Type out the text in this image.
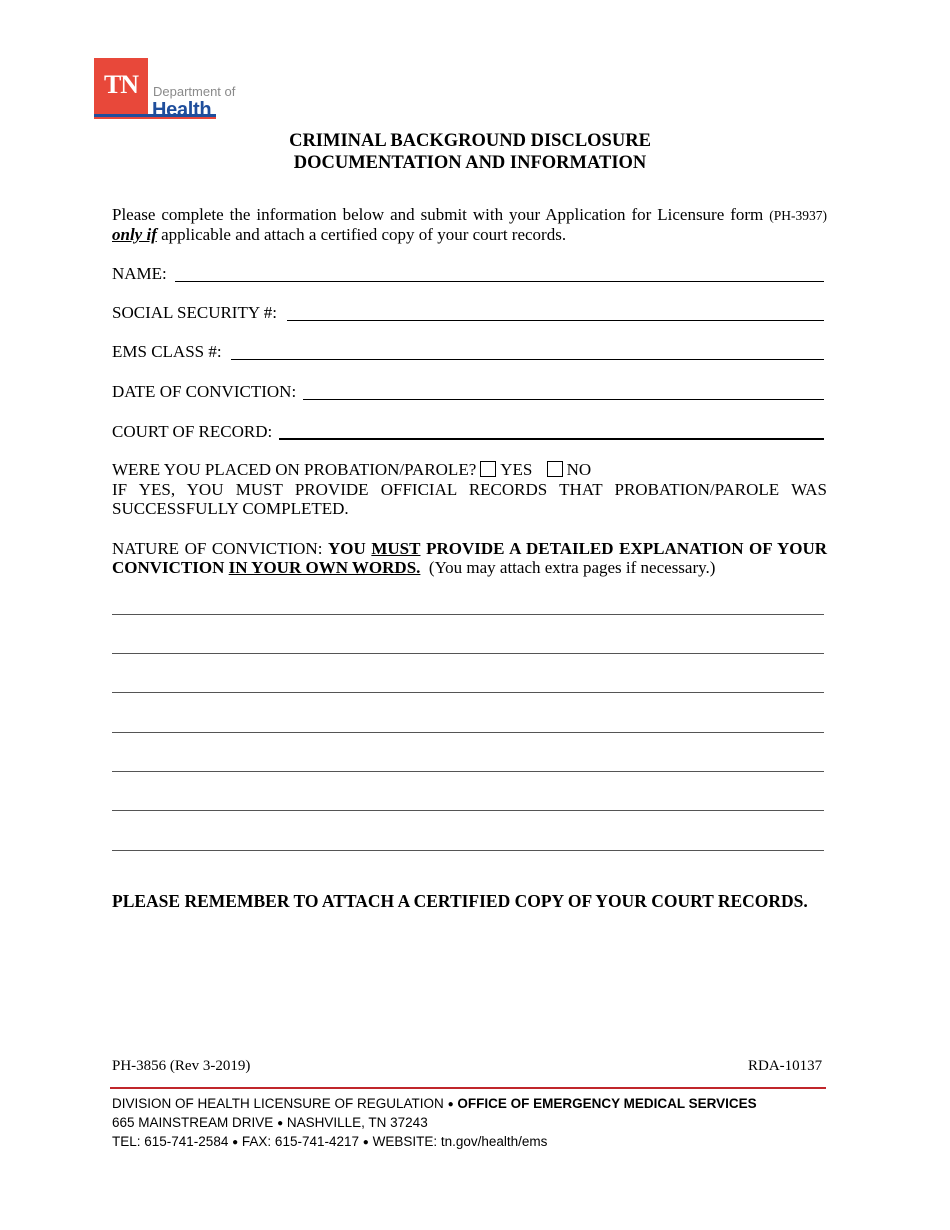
TN	Department of
Health
CRIMINAL BACKGROUND DISCLOSURE
DOCUMENTATION AND INFORMATION
Please complete the information below and submit with your Application for Licensure form (PH-3937)
only if applicable and attach a certified copy of your court records.
NAME:
SOCIAL SECURITY #:
EMS CLASS #:
DATE OF CONVICTION:
COURT OF RECORD:
WERE YOU PLACED ON PROBATION/PAROLE? YES NO
IF YES, YOU MUST PROVIDE OFFICIAL RECORDS THAT PROBATION/PAROLE WAS
SUCCESSFULLY COMPLETED.
NATURE OF CONVICTION: YOU MUST PROVIDE A DETAILED EXPLANATION OF YOUR
CONVICTION IN YOUR OWN WORDS. (You may attach extra pages if necessary.)
PLEASE REMEMBER TO ATTACH A CERTIFIED COPY OF YOUR COURT RECORDS.
PH-3856 (Rev 3-2019)	RDA-10137
DIVISION OF HEALTH LICENSURE OF REGULATION ● OFFICE OF EMERGENCY MEDICAL SERVICES
665 MAINSTREAM DRIVE ● NASHVILLE, TN 37243
TEL: 615-741-2584 ● FAX: 615-741-4217 ● WEBSITE: tn.gov/health/ems
